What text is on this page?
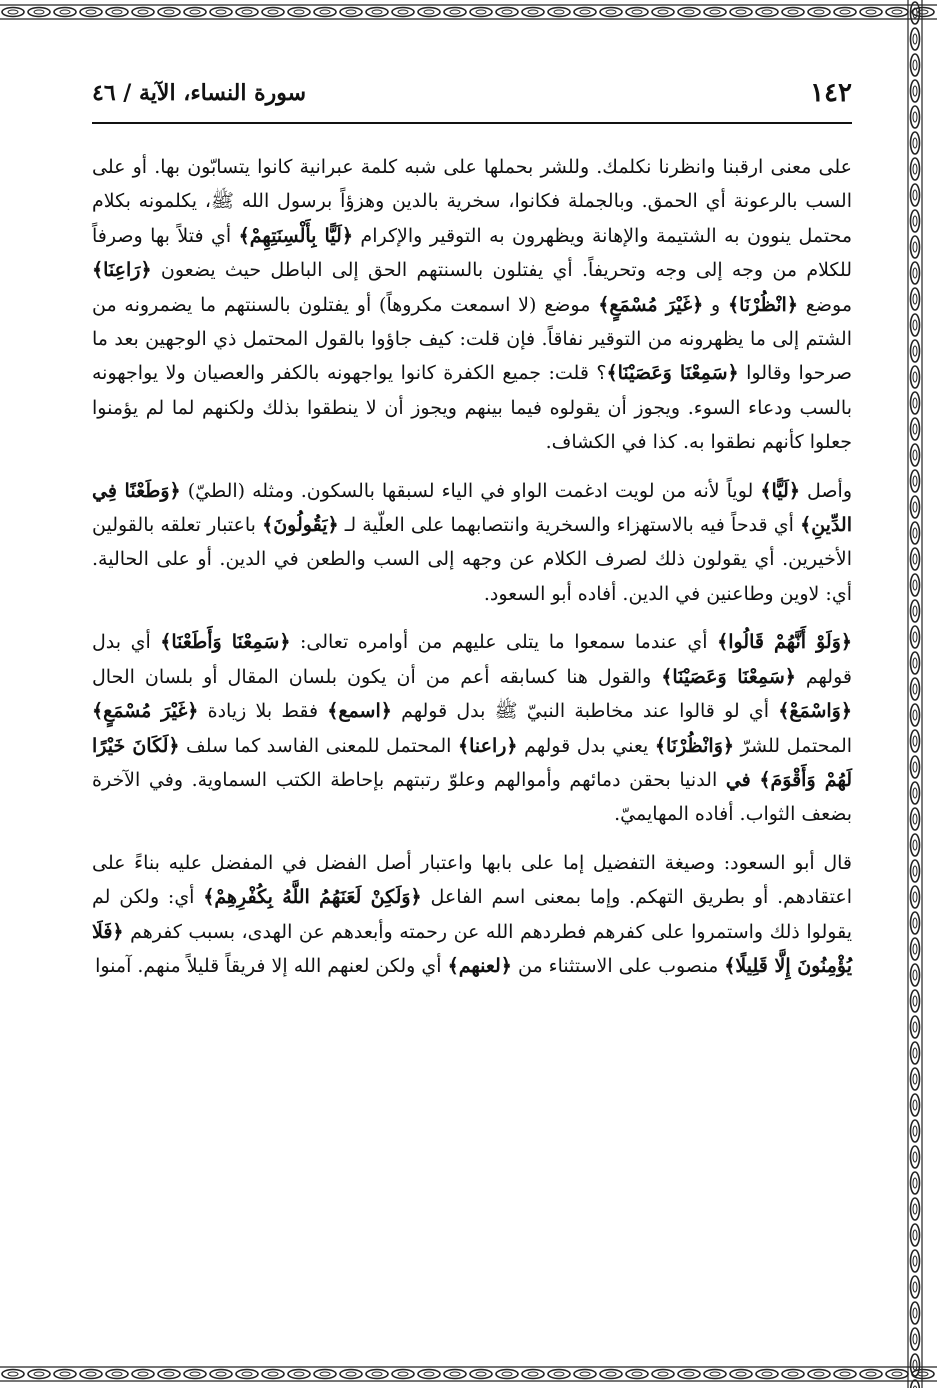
١٤٢
سورة النساء، الآية / ٤٦

على معنى ارقبنا وانظرنا نكلمك. وللشر بحملها على شبه كلمة عبرانية كانوا يتسابّون بها. أو على السب بالرعونة أي الحمق. وبالجملة فكانوا، سخرية بالدين وهزؤاً برسول الله ﷺ، يكلمونه بكلام محتمل ينوون به الشتيمة والإهانة ويظهرون به التوقير والإكرام ﴿لَيًّا بِأَلْسِنَتِهِمْ﴾ أي فتلاً بها وصرفاً للكلام من وجه إلى وجه وتحريفاً. أي يفتلون بالسنتهم الحق إلى الباطل حيث يضعون ﴿رَاعِنَا﴾ موضع ﴿انْظُرْنَا﴾ و ﴿غَيْرَ مُسْمَعٍ﴾ موضع (لا اسمعت مكروهاً) أو يفتلون بالسنتهم ما يضمرونه من الشتم إلى ما يظهرونه من التوقير نفاقاً. فإن قلت: كيف جاؤوا بالقول المحتمل ذي الوجهين بعد ما صرحوا وقالوا ﴿سَمِعْنَا وَعَصَيْنَا﴾؟ قلت: جميع الكفرة كانوا يواجهونه بالكفر والعصيان ولا يواجهونه بالسب ودعاء السوء. ويجوز أن يقولوه فيما بينهم ويجوز أن لا ينطقوا بذلك ولكنهم لما لم يؤمنوا جعلوا كأنهم نطقوا به. كذا في الكشاف.

وأصل ﴿لَيًّا﴾ لوياً لأنه من لويت ادغمت الواو في الياء لسبقها بالسكون. ومثله (الطيّ) ﴿وَطَعْنًا فِي الدِّينِ﴾ أي قدحاً فيه بالاستهزاء والسخرية وانتصابهما على العلّية لـ ﴿يَقُولُونَ﴾ باعتبار تعلقه بالقولين الأخيرين. أي يقولون ذلك لصرف الكلام عن وجهه إلى السب والطعن في الدين. أو على الحالية. أي: لاوين وطاعنين في الدين. أفاده أبو السعود.

﴿وَلَوْ أَنَّهُمْ قَالُوا﴾ أي عندما سمعوا ما يتلى عليهم من أوامره تعالى: ﴿سَمِعْنَا وَأَطَعْنَا﴾ أي بدل قولهم ﴿سَمِعْنَا وَعَصَيْنَا﴾ والقول هنا كسابقه أعم من أن يكون بلسان المقال أو بلسان الحال ﴿وَاسْمَعْ﴾ أي لو قالوا عند مخاطبة النبيّ ﷺ بدل قولهم ﴿اسمع﴾ فقط بلا زيادة ﴿غَيْرَ مُسْمَعٍ﴾ المحتمل للشرّ ﴿وَانْظُرْنَا﴾ يعني بدل قولهم ﴿راعنا﴾ المحتمل للمعنى الفاسد كما سلف ﴿لَكَانَ خَيْرًا لَهُمْ وَأَقْوَمَ﴾ في الدنيا بحقن دمائهم وأموالهم وعلوّ رتبتهم بإحاطة الكتب السماوية. وفي الآخرة بضعف الثواب. أفاده المهايميّ.

قال أبو السعود: وصيغة التفضيل إما على بابها واعتبار أصل الفضل في المفضل عليه بناءً على اعتقادهم. أو بطريق التهكم. وإما بمعنى اسم الفاعل ﴿وَلَكِنْ لَعَنَهُمُ اللَّهُ بِكُفْرِهِمْ﴾ أي: ولكن لم يقولوا ذلك واستمروا على كفرهم فطردهم الله عن رحمته وأبعدهم عن الهدى، بسبب كفرهم ﴿فَلَا يُؤْمِنُونَ إِلَّا قَلِيلًا﴾ منصوب على الاستثناء من ﴿لعنهم﴾ أي ولكن لعنهم الله إلا فريقاً قليلاً منهم. آمنوا
